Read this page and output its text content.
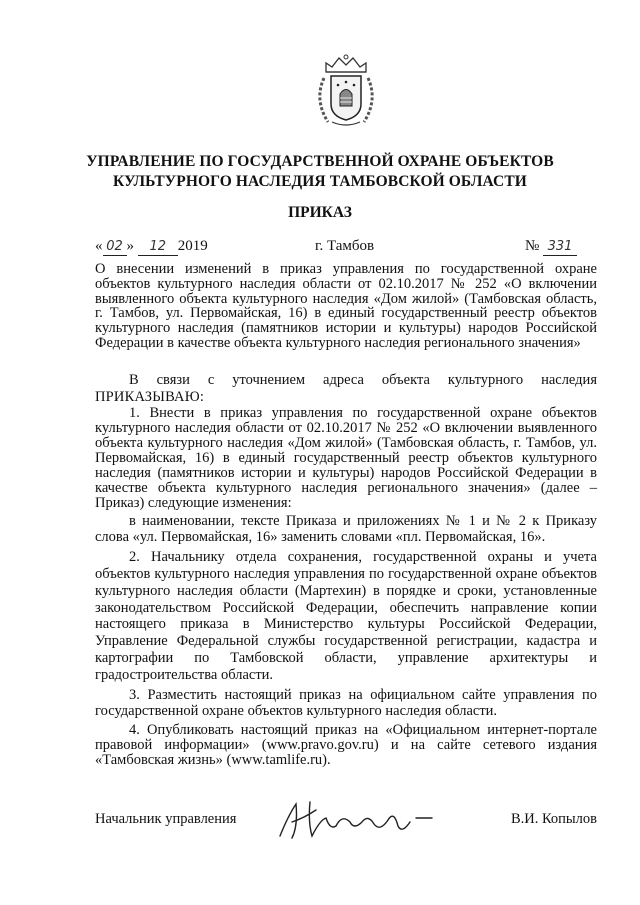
УПРАВЛЕНИЕ ПО ГОСУДАРСТВЕННОЙ ОХРАНЕ ОБЪЕКТОВ
КУЛЬТУРНОГО НАСЛЕДИЯ ТАМБОВСКОЙ ОБЛАСТИ
ПРИКАЗ
« 02 » 12 2019	г. Тамбов	№ 331

О внесении изменений в приказ управления по государственной охране объектов культурного наследия области от 02.10.2017 № 252 «О включении выявленного объекта культурного наследия «Дом жилой» (Тамбовская область, г. Тамбов, ул. Первомайская, 16) в единый государственный реестр объектов культурного наследия (памятников истории и культуры) народов Российской Федерации в качестве объекта культурного наследия регионального значения»

В связи с уточнением адреса объекта культурного наследия

ПРИКАЗЫВАЮ:

1. Внести в приказ управления по государственной охране объектов культурного наследия области от 02.10.2017 № 252 «О включении выявленного объекта культурного наследия «Дом жилой» (Тамбовская область, г. Тамбов, ул. Первомайская, 16) в единый государственный реестр объектов культурного наследия (памятников истории и культуры) народов Российской Федерации в качестве объекта культурного наследия регионального значения» (далее – Приказ) следующие изменения:

в наименовании, тексте Приказа и приложениях № 1 и № 2 к Приказу слова «ул. Первомайская, 16» заменить словами «пл. Первомайская, 16».

2. Начальнику отдела сохранения, государственной охраны и учета объектов культурного наследия управления по государственной охране объектов культурного наследия области (Мартехин) в порядке и сроки, установленные законодательством Российской Федерации, обеспечить направление копии настоящего приказа в Министерство культуры Российской Федерации, Управление Федеральной службы государственной регистрации, кадастра и картографии по Тамбовской области, управление архитектуры и градостроительства области.

3. Разместить настоящий приказ на официальном сайте управления по государственной охране объектов культурного наследия области.

4. Опубликовать настоящий приказ на «Официальном интернет-портале правовой информации» (www.pravo.gov.ru) и на сайте сетевого издания «Тамбовская жизнь» (www.tamlife.ru).

Начальник управления	В.И. Копылов
